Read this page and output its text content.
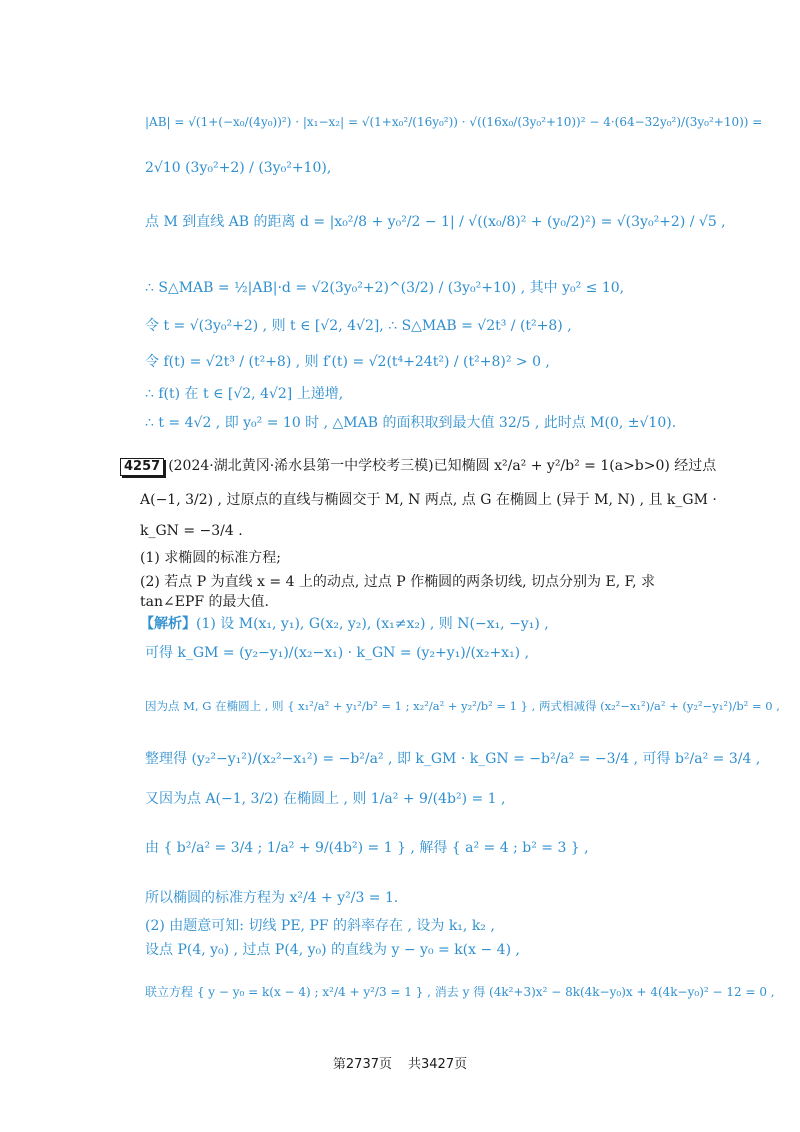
|AB| = √(1+(−x₀/(4y₀))²) · |x₁−x₂| = √(1+x₀²/(16y₀²)) · √((16x₀/(3y₀²+10))² − 4·(64−32y₀²)/(3y₀²+10)) =
2√10 (3y₀²+2) / (3y₀²+10),
点 M 到直线 AB 的距离 d = |x₀²/8 + y₀²/2 − 1| / √((x₀/8)² + (y₀/2)²) = √(3y₀²+2) / √5 ,
∴ S△MAB = ½|AB|·d = √2(3y₀²+2)^(3/2) / (3y₀²+10) , 其中 y₀² ≤ 10,
令 t = √(3y₀²+2) , 则 t ∈ [√2, 4√2], ∴ S△MAB = √2t³ / (t²+8) ,
令 f(t) = √2t³ / (t²+8) , 则 f′(t) = √2(t⁴+24t²) / (t²+8)² > 0 ,
∴ f(t) 在 t ∈ [√2, 4√2] 上递增,
∴ t = 4√2 , 即 y₀² = 10 时 , △MAB 的面积取到最大值 32/5 , 此时点 M(0, ±√10).
4257 (2024·湖北黄冈·浠水县第一中学校考三模)已知椭圆 x²/a² + y²/b² = 1(a>b>0) 经过点
A(−1, 3/2) , 过原点的直线与椭圆交于 M, N 两点, 点 G 在椭圆上 (异于 M, N) , 且 k_GM ·
k_GN = −3/4 .
(1) 求椭圆的标准方程;
(2) 若点 P 为直线 x = 4 上的动点, 过点 P 作椭圆的两条切线, 切点分别为 E, F, 求
tan∠EPF 的最大值.
【解析】(1) 设 M(x₁, y₁), G(x₂, y₂), (x₁≠x₂) , 则 N(−x₁, −y₁) ,
可得 k_GM = (y₂−y₁)/(x₂−x₁) · k_GN = (y₂+y₁)/(x₂+x₁) ,
因为点 M, G 在椭圆上 , 则 { x₁²/a² + y₁²/b² = 1 ; x₂²/a² + y₂²/b² = 1 } , 两式相减得 (x₂²−x₁²)/a² + (y₂²−y₁²)/b² = 0 ,
整理得 (y₂²−y₁²)/(x₂²−x₁²) = −b²/a² , 即 k_GM · k_GN = −b²/a² = −3/4 , 可得 b²/a² = 3/4 ,
又因为点 A(−1, 3/2) 在椭圆上 , 则 1/a² + 9/(4b²) = 1 ,
由 { b²/a² = 3/4 ; 1/a² + 9/(4b²) = 1 } , 解得 { a² = 4 ; b² = 3 } ,
所以椭圆的标准方程为 x²/4 + y²/3 = 1.
(2) 由题意可知: 切线 PE, PF 的斜率存在 , 设为 k₁, k₂ ,
设点 P(4, y₀) , 过点 P(4, y₀) 的直线为 y − y₀ = k(x − 4) ,
联立方程 { y − y₀ = k(x − 4) ; x²/4 + y²/3 = 1 } , 消去 y 得 (4k²+3)x² − 8k(4k−y₀)x + 4(4k−y₀)² − 12 = 0 ,
第2737页 共3427页
